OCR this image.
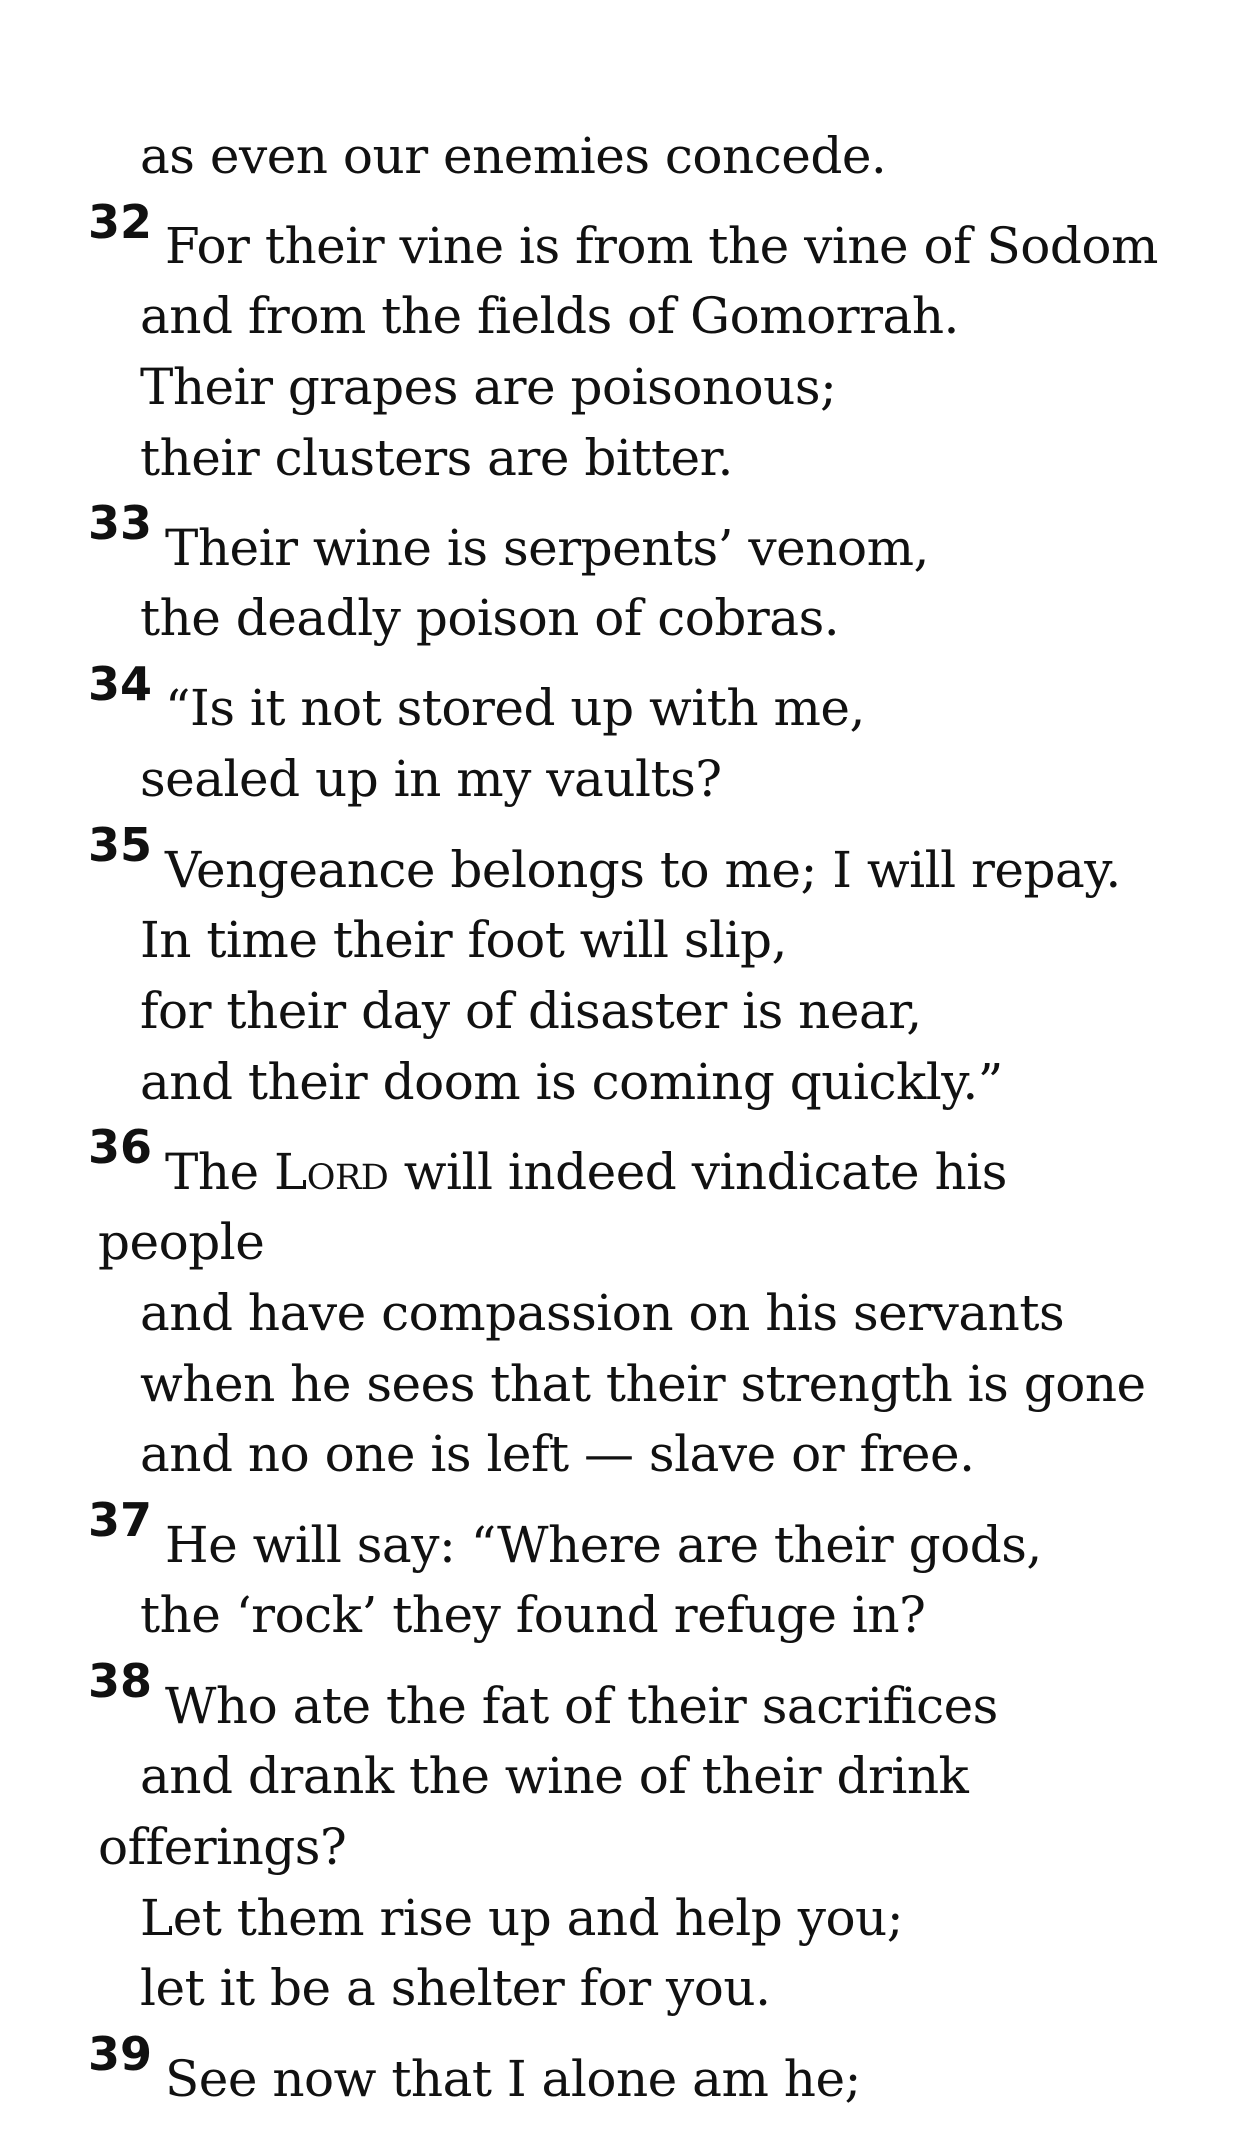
as even our enemies concede.
32 For their vine is from the vine of Sodom
and from the fields of Gomorrah.
Their grapes are poisonous;
their clusters are bitter.
33 Their wine is serpents’ venom,
the deadly poison of cobras.
34 “Is it not stored up with me,
sealed up in my vaults?
35 Vengeance belongs to me; I will repay.
In time their foot will slip,
for their day of disaster is near,
and their doom is coming quickly.”
36 The Lord will indeed vindicate his
people
and have compassion on his servants
when he sees that their strength is gone
and no one is left — slave or free.
37 He will say: “Where are their gods,
the ‘rock’ they found refuge in?
38 Who ate the fat of their sacrifices
and drank the wine of their drink
offerings?
Let them rise up and help you;
let it be a shelter for you.
39 See now that I alone am he;
